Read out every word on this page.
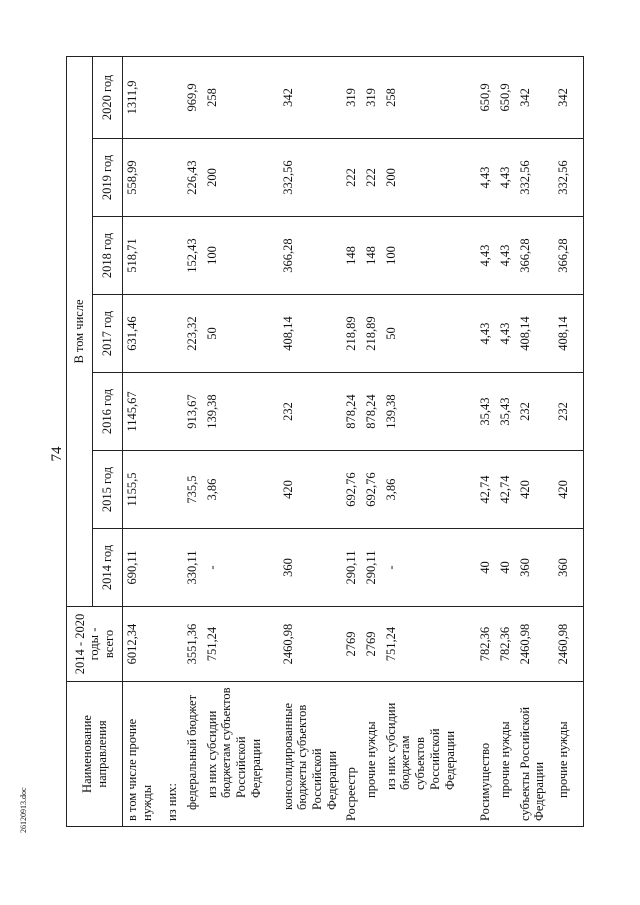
74
Наименование направления	2014 - 2020 годы - всего	В том числе						
		2014 год	2015 год	2016 год	2017 год	2018 год	2019 год	2020 год
в том числе прочие нужды	6012,34	690,11	1155,5	1145,67	631,46	518,71	558,99	1311,9
из них:								
федеральный бюджет	3551,36	330,11	735,5	913,67	223,32	152,43	226,43	969,9
из них субсидии бюджетам субъектов Российской Федерации	751,24	-	3,86	139,38	50	100	200	258
консолидированные бюджеты субъектов Российской Федерации	2460,98	360	420	232	408,14	366,28	332,56	342
Росреестр	2769	290,11	692,76	878,24	218,89	148	222	319
прочие нужды	2769	290,11	692,76	878,24	218,89	148	222	319
из них субсидии бюджетам субъектов Российской Федерации	751,24	-	3,86	139,38	50	100	200	258
Росимущество	782,36	40	42,74	35,43	4,43	4,43	4,43	650,9
прочие нужды	782,36	40	42,74	35,43	4,43	4,43	4,43	650,9
субъекты Российской Федерации	2460,98	360	420	232	408,14	366,28	332,56	342
прочие нужды	2460,98	360	420	232	408,14	366,28	332,56	342
26120913.doc
